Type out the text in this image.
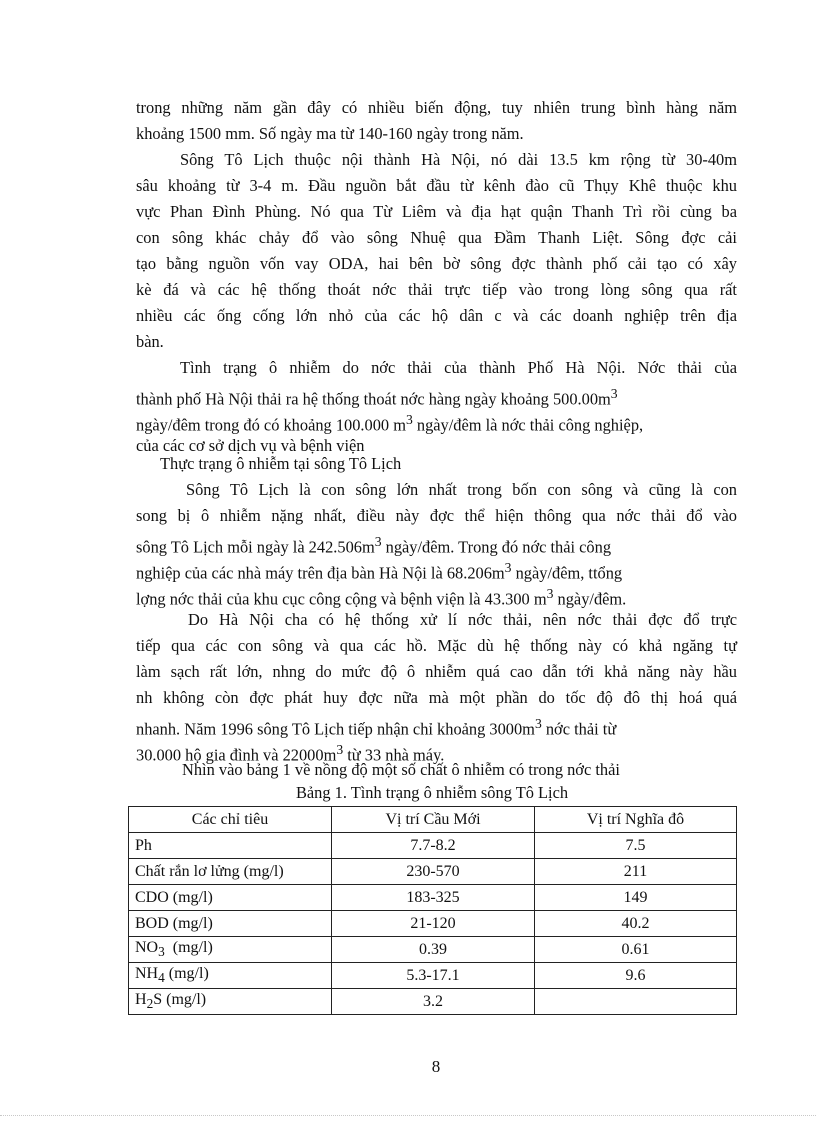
trong những năm gần đây có nhiều biến động, tuy nhiên trung bình hàng năm
khoảng 1500 mm. Số ngày ma từ 140-160 ngày trong năm.
Sông Tô Lịch thuộc nội thành Hà Nội, nó dài 13.5 km rộng từ 30-40m
sâu khoảng từ 3-4 m. Đầu nguồn bắt đầu từ kênh đào cũ Thụy Khê thuộc khu
vực Phan Đình Phùng. Nó qua Từ Liêm và địa hạt quận Thanh Trì rồi cùng ba
con sông khác chảy đổ vào sông Nhuệ qua Đầm Thanh Liệt. Sông đợc cải
tạo bằng nguồn vốn vay ODA, hai bên bờ sông đợc thành phố cải tạo có xây
kè đá và các hệ thống thoát nớc thải trực tiếp vào trong lòng sông qua rất
nhiều các ống cống lớn nhỏ của các hộ dân c và các doanh nghiệp trên địa
bàn.
Tình trạng ô nhiễm do nớc thải của thành Phố Hà Nội. Nớc thải của
thành phố Hà Nội thải ra hệ thống thoát nớc hàng ngày khoảng $500.00m^3$
ngày/đêm trong đó có khoảng 100.000 $m^3$ ngày/đêm là nớc thải công nghiệp,
của các cơ sở dịch vụ và bệnh viện
Thực trạng ô nhiễm tại sông Tô Lịch
Sông Tô Lịch là con sông lớn nhất trong bốn con sông và cũng là con
song bị ô nhiễm nặng nhất, điều này đợc thể hiện thông qua nớc thải đổ vào
sông Tô Lịch mỗi ngày là $242.506m^3$ ngày/đêm. Trong đó nớc thải công
nghiệp của các nhà máy trên địa bàn Hà Nội là $68.206m^3$ ngày/đêm, ttổng
lợng nớc thải của khu cục công cộng và bệnh viện là 43.300 $m^3$ ngày/đêm.
Do Hà Nội cha có hệ thống xử lí nớc thải, nên nớc thải đợc đổ trực
tiếp qua các con sông và qua các hồ. Mặc dù hệ thống này có khả ngăng tự
làm sạch rất lớn, nhng do mức độ ô nhiễm quá cao dẫn tới khả năng này hầu
nh không còn đợc phát huy đợc nữa mà một phần do tốc độ đô thị hoá quá
nhanh. Năm 1996 sông Tô Lịch tiếp nhận chỉ khoảng $3000m^3$ nớc thải từ
30.000 hộ gia đình và $22000m^3$ từ 33 nhà máy.
Nhìn vào bảng 1 về nồng độ một số chất ô nhiễm có trong nớc thải
Bảng 1. Tình trạng ô nhiễm sông Tô Lịch
Các chỉ tiêu	Vị trí Cầu Mới	Vị trí Nghĩa đô
Ph	7.7-8.2	7.5
Chất rắn lơ lửng (mg/l)	230-570	211
CDO (mg/l)	183-325	149
BOD (mg/l)	21-120	40.2
$NO_3$  (mg/l)	0.39	0.61
$NH_4$ (mg/l)	5.3-17.1	9.6
$H_2S$ (mg/l)	3.2	
8
